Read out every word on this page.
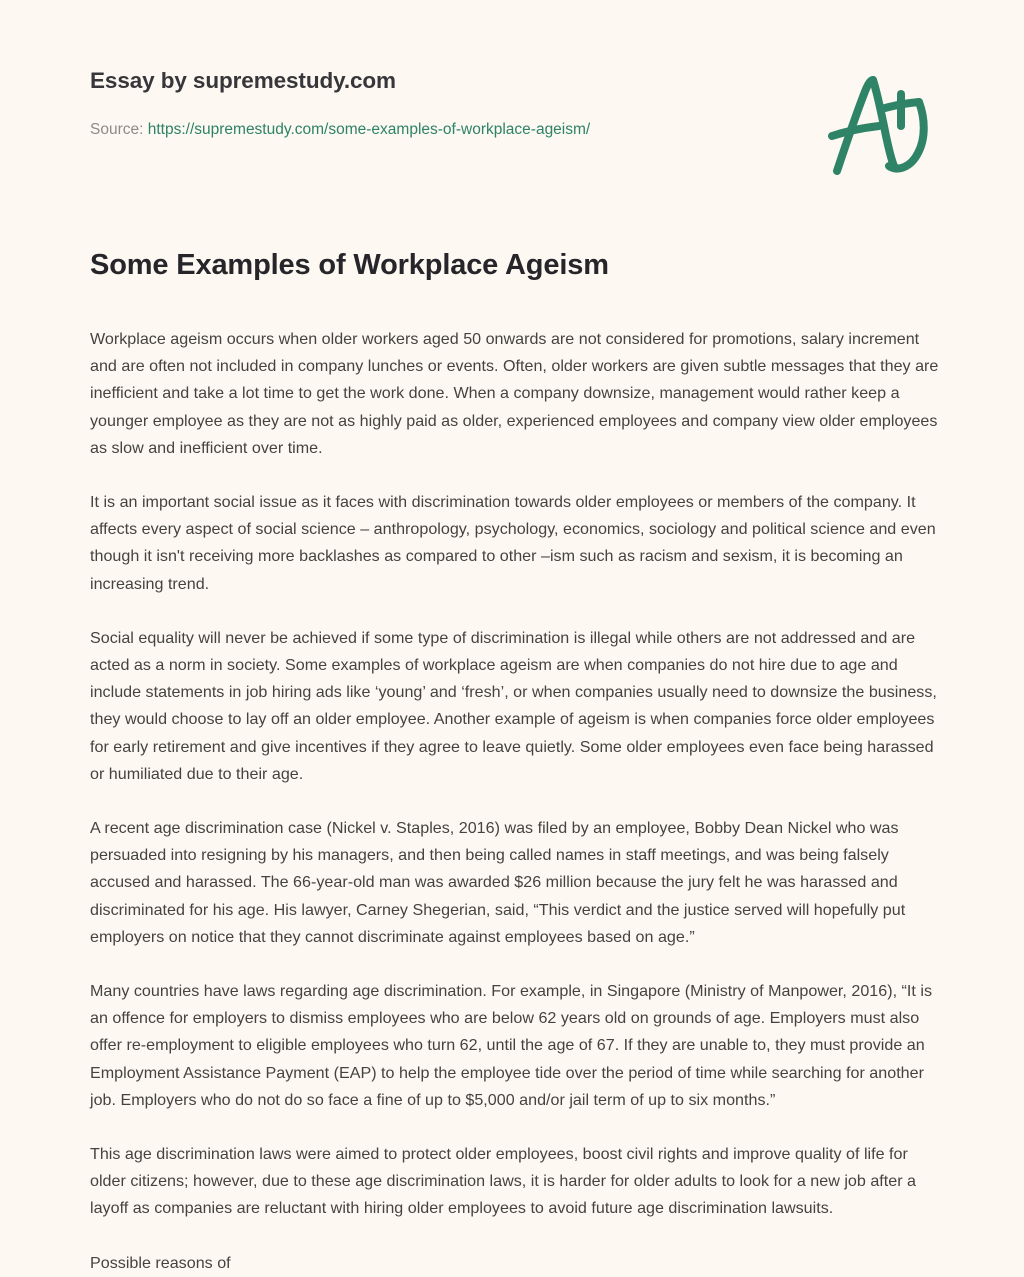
Essay by supremestudy.com
Source: https://supremestudy.com/some-examples-of-workplace-ageism/
Some Examples of Workplace Ageism

Workplace ageism occurs when older workers aged 50 onwards are not considered for promotions, salary increment and are often not included in company lunches or events. Often, older workers are given subtle messages that they are inefficient and take a lot time to get the work done. When a company downsize, management would rather keep a younger employee as they are not as highly paid as older, experienced employees and company view older employees as slow and inefficient over time.

It is an important social issue as it faces with discrimination towards older employees or members of the company. It affects every aspect of social science – anthropology, psychology, economics, sociology and political science and even though it isn't receiving more backlashes as compared to other –ism such as racism and sexism, it is becoming an increasing trend.

Social equality will never be achieved if some type of discrimination is illegal while others are not addressed and are acted as a norm in society. Some examples of workplace ageism are when companies do not hire due to age and include statements in job hiring ads like ‘young’ and ‘fresh’, or when companies usually need to downsize the business, they would choose to lay off an older employee. Another example of ageism is when companies force older employees for early retirement and give incentives if they agree to leave quietly. Some older employees even face being harassed or humiliated due to their age.

A recent age discrimination case (Nickel v. Staples, 2016) was filed by an employee, Bobby Dean Nickel who was persuaded into resigning by his managers, and then being called names in staff meetings, and was being falsely accused and harassed. The 66-year-old man was awarded $26 million because the jury felt he was harassed and discriminated for his age. His lawyer, Carney Shegerian, said, “This verdict and the justice served will hopefully put employers on notice that they cannot discriminate against employees based on age.”

Many countries have laws regarding age discrimination. For example, in Singapore (Ministry of Manpower, 2016), “It is an offence for employers to dismiss employees who are below 62 years old on grounds of age. Employers must also offer re-employment to eligible employees who turn 62, until the age of 67. If they are unable to, they must provide an Employment Assistance Payment (EAP) to help the employee tide over the period of time while searching for another job. Employers who do not do so face a fine of up to $5,000 and/or jail term of up to six months.”

This age discrimination laws were aimed to protect older employees, boost civil rights and improve quality of life for older citizens; however, due to these age discrimination laws, it is harder for older adults to look for a new job after a layoff as companies are reluctant with hiring older employees to avoid future age discrimination lawsuits.

Possible reasons of
